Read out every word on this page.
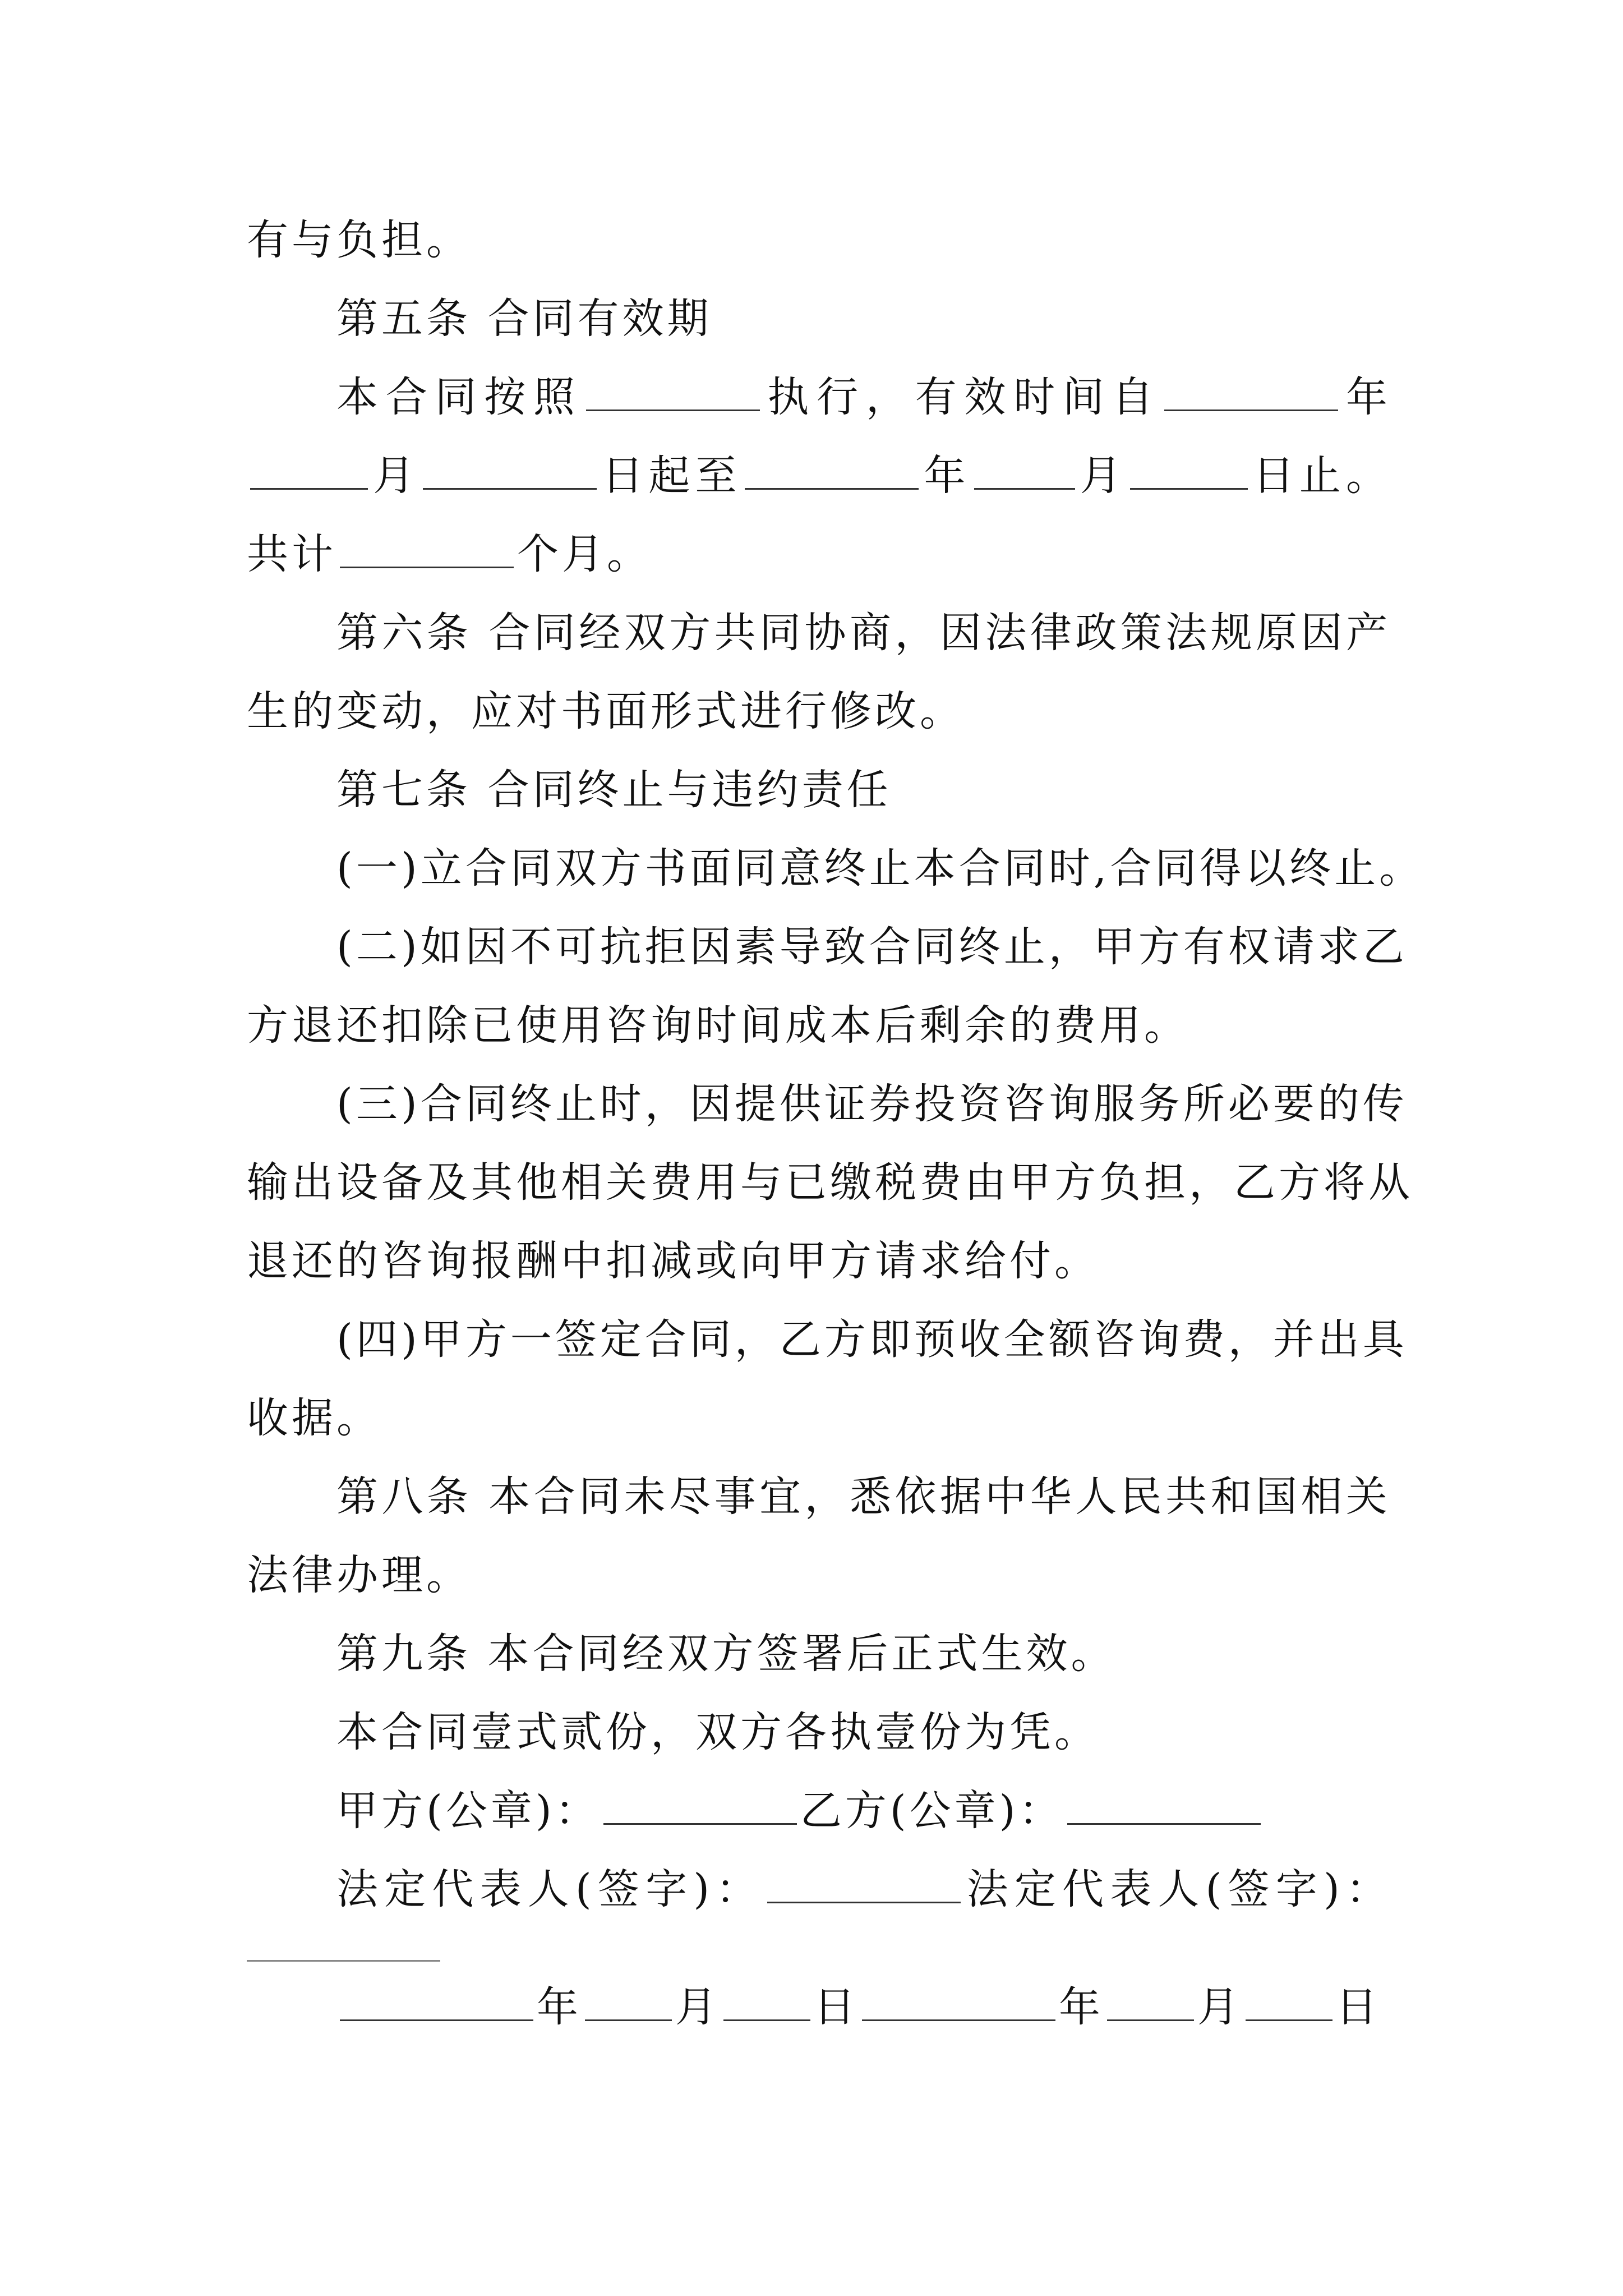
有与负担。
第五条 合同有效期
本合同按照	执行，有效时间自	年
月	日起至	年	月	日止。
共计	个月。
第六条 合同经双方共同协商，因法律政策法规原因产
生的变动，应对书面形式进行修改。
第七条 合同终止与违约责任
(一)立合同双方书面同意终止本合同时,合同得以终止。
(二)如因不可抗拒因素导致合同终止，甲方有权请求乙
方退还扣除已使用咨询时间成本后剩余的费用。
(三)合同终止时，因提供证券投资咨询服务所必要的传
输出设备及其他相关费用与已缴税费由甲方负担，乙方将从
退还的咨询报酬中扣减或向甲方请求给付。
(四)甲方一签定合同，乙方即预收全额咨询费，并出具
收据。
第八条 本合同未尽事宜，悉依据中华人民共和国相关
法律办理。
第九条 本合同经双方签署后正式生效。
本合同壹式贰份，双方各执壹份为凭。
甲方(公章)：	乙方(公章)：
法定代表人(签字)：	法定代表人(签字)：
年 月 日	年 月 日
